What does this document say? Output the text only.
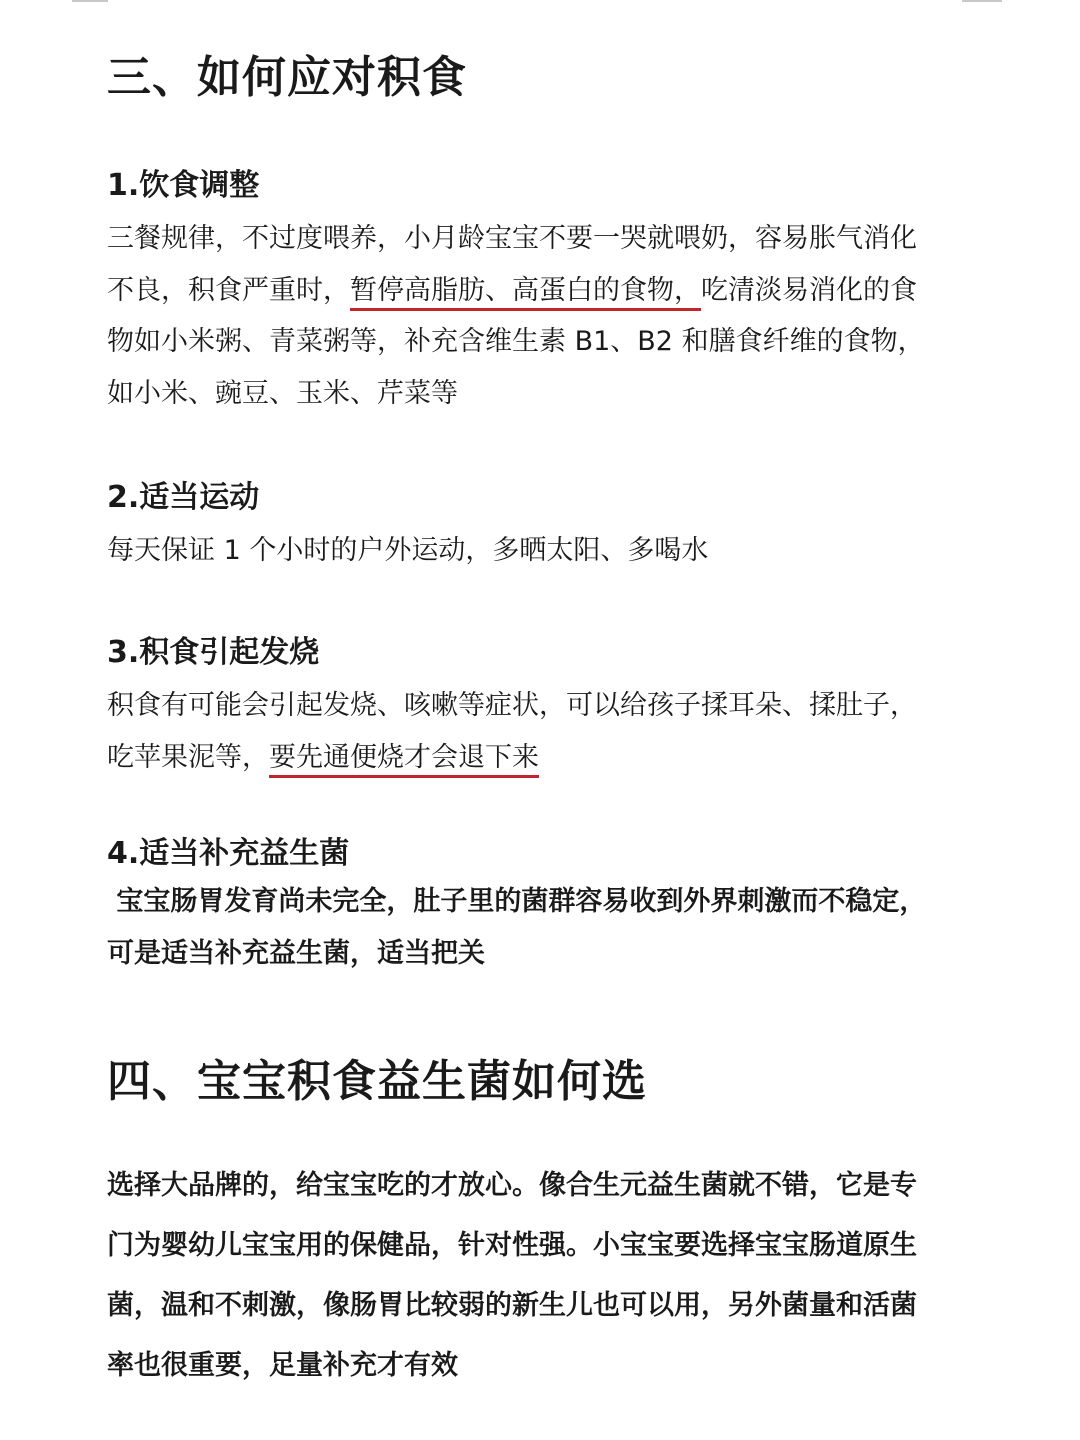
三、如何应对积食
1.饮食调整
三餐规律，不过度喂养，小月龄宝宝不要一哭就喂奶，容易胀气消化
不良，积食严重时，暂停高脂肪、高蛋白的食物，吃清淡易消化的食
物如小米粥、青菜粥等，补充含维生素 B1、B2 和膳食纤维的食物，
如小米、豌豆、玉米、芹菜等
2.适当运动
每天保证 1 个小时的户外运动，多晒太阳、多喝水
3.积食引起发烧
积食有可能会引起发烧、咳嗽等症状，可以给孩子揉耳朵、揉肚子，
吃苹果泥等，要先通便烧才会退下来
4.适当补充益生菌
宝宝肠胃发育尚未完全，肚子里的菌群容易收到外界刺激而不稳定，
可是适当补充益生菌，适当把关
四、宝宝积食益生菌如何选
选择大品牌的，给宝宝吃的才放心。像合生元益生菌就不错，它是专
门为婴幼儿宝宝用的保健品，针对性强。小宝宝要选择宝宝肠道原生
菌，温和不刺激，像肠胃比较弱的新生儿也可以用，另外菌量和活菌
率也很重要，足量补充才有效
